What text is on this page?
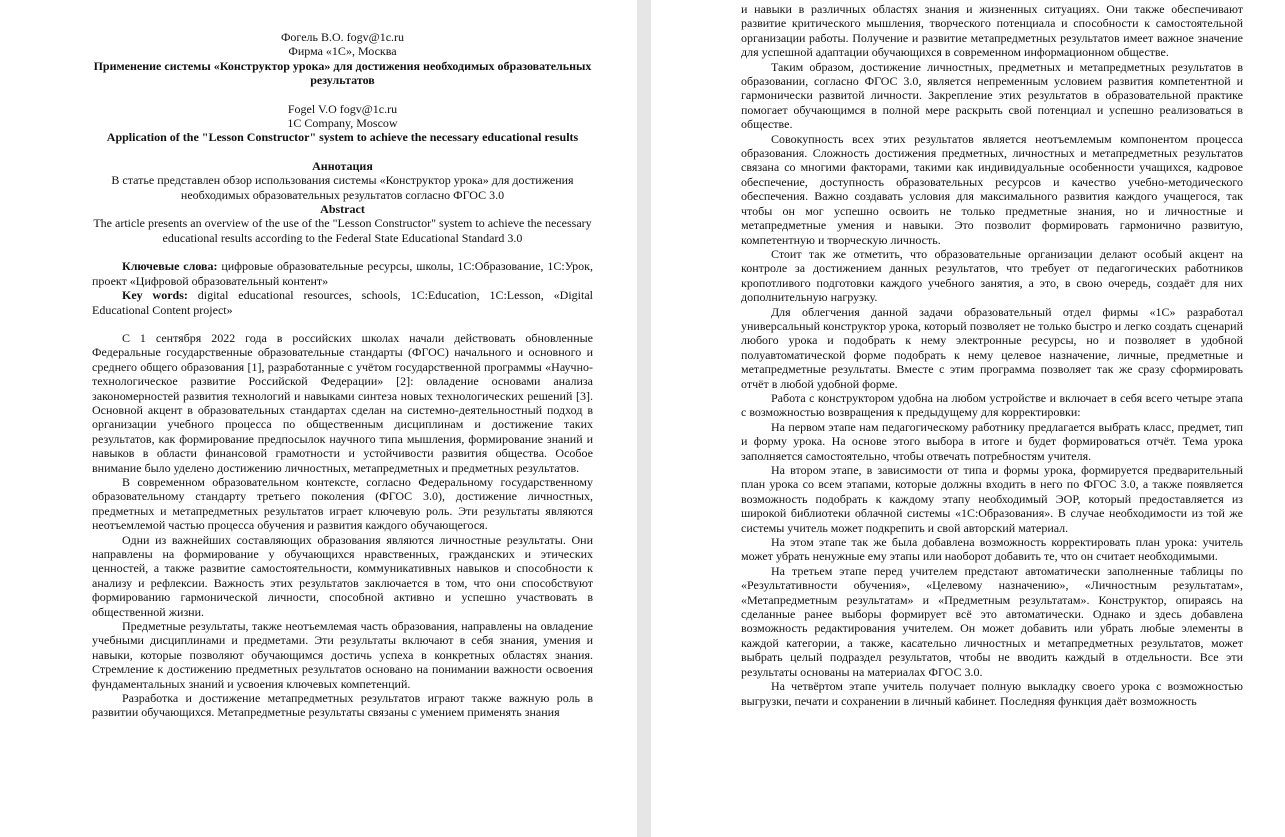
Фогель В.О. fogv@1c.ru
Фирма «1С», Москва
Применение системы «Конструктор урока» для достижения необходимых образовательных результатов
Fogel V.O fogv@1c.ru
1С Company, Moscow
Application of the "Lesson Constructor" system to achieve the necessary educational results
Аннотация
В статье представлен обзор использования системы «Конструктор урока» для достижения необходимых образовательных результатов согласно ФГОС 3.0
Abstract
The article presents an overview of the use of the "Lesson Constructor" system to achieve the necessary educational results according to the Federal State Educational Standard 3.0

Ключевые слова: цифровые образовательные ресурсы, школы, 1С:Образование, 1С:Урок, проект «Цифровой образовательный контент»

Key words: digital educational resources, schools, 1С:Education, 1С:Lesson, «Digital Educational Content project»

С 1 сентября 2022 года в российских школах начали действовать обновленные Федеральные государственные образовательные стандарты (ФГОС) начального и основного и среднего общего образования [1], разработанные с учётом государственной программы «Научно-технологическое развитие Российской Федерации» [2]: овладение основами анализа закономерностей развития технологий и навыками синтеза новых технологических решений [3]. Основной акцент в образовательных стандартах сделан на системно-деятельностный подход в организации учебного процесса по общественным дисциплинам и достижение таких результатов, как формирование предпосылок научного типа мышления, формирование знаний и навыков в области финансовой грамотности и устойчивости развития общества. Особое внимание было уделено достижению личностных, метапредметных и предметных результатов.

В современном образовательном контексте, согласно Федеральному государственному образовательному стандарту третьего поколения (ФГОС 3.0), достижение личностных, предметных и метапредметных результатов играет ключевую роль. Эти результаты являются неотъемлемой частью процесса обучения и развития каждого обучающегося.

Одни из важнейших составляющих образования являются личностные результаты. Они направлены на формирование у обучающихся нравственных, гражданских и этических ценностей, а также развитие самостоятельности, коммуникативных навыков и способности к анализу и рефлексии. Важность этих результатов заключается в том, что они способствуют формированию гармонической личности, способной активно и успешно участвовать в общественной жизни.

Предметные результаты, также неотъемлемая часть образования, направлены на овладение учебными дисциплинами и предметами. Эти результаты включают в себя знания, умения и навыки, которые позволяют обучающимся достичь успеха в конкретных областях знания. Стремление к достижению предметных результатов основано на понимании важности освоения фундаментальных знаний и усвоения ключевых компетенций.

Разработка и достижение метапредметных результатов играют также важную роль в развитии обучающихся. Метапредметные результаты связаны с умением применять знания

и навыки в различных областях знания и жизненных ситуациях. Они также обеспечивают развитие критического мышления, творческого потенциала и способности к самостоятельной организации работы. Получение и развитие метапредметных результатов имеет важное значение для успешной адаптации обучающихся в современном информационном обществе.

Таким образом, достижение личностных, предметных и метапредметных результатов в образовании, согласно ФГОС 3.0, является непременным условием развития компетентной и гармонически развитой личности. Закрепление этих результатов в образовательной практике помогает обучающимся в полной мере раскрыть свой потенциал и успешно реализоваться в обществе.

Совокупность всех этих результатов является неотъемлемым компонентом процесса образования. Сложность достижения предметных, личностных и метапредметных результатов связана со многими факторами, такими как индивидуальные особенности учащихся, кадровое обеспечение, доступность образовательных ресурсов и качество учебно-методического обеспечения. Важно создавать условия для максимального развития каждого учащегося, так чтобы он мог успешно освоить не только предметные знания, но и личностные и метапредметные умения и навыки. Это позволит формировать гармонично развитую, компетентную и творческую личность.

Стоит так же отметить, что образовательные организации делают особый акцент на контроле за достижением данных результатов, что требует от педагогических работников кропотливого подготовки каждого учебного занятия, а это, в свою очередь, создаёт для них дополнительную нагрузку.

Для облегчения данной задачи образовательный отдел фирмы «1С» разработал универсальный конструктор урока, который позволяет не только быстро и легко создать сценарий любого урока и подобрать к нему электронные ресурсы, но и позволяет в удобной полуавтоматической форме подобрать к нему целевое назначение, личные, предметные и метапредметные результаты. Вместе с этим программа позволяет так же сразу сформировать отчёт в любой удобной форме.

Работа с конструктором удобна на любом устройстве и включает в себя всего четыре этапа с возможностью возвращения к предыдущему для корректировки:

На первом этапе нам педагогическому работнику предлагается выбрать класс, предмет, тип и форму урока. На основе этого выбора в итоге и будет формироваться отчёт. Тема урока заполняется самостоятельно, чтобы отвечать потребностям учителя.

На втором этапе, в зависимости от типа и формы урока, формируется предварительный план урока со всем этапами, которые должны входить в него по ФГОС 3.0, а также появляется возможность подобрать к каждому этапу необходимый ЭОР, который предоставляется из широкой библиотеки облачной системы «1С:Образования». В случае необходимости из той же системы учитель может подкрепить и свой авторский материал.

На этом этапе так же была добавлена возможность корректировать план урока: учитель может убрать ненужные ему этапы или наоборот добавить те, что он считает необходимыми.

На третьем этапе перед учителем предстают автоматически заполненные таблицы по «Результативности обучения», «Целевому назначению», «Личностным результатам», «Метапредметным результатам» и «Предметным результатам». Конструктор, опираясь на сделанные ранее выборы формирует всё это автоматически. Однако и здесь добавлена возможность редактирования учителем. Он может добавить или убрать любые элементы в каждой категории, а также, касательно личностных и метапредметных результатов, может выбрать целый подраздел результатов, чтобы не вводить каждый в отдельности. Все эти результаты основаны на материалах ФГОС 3.0.

На четвёртом этапе учитель получает полную выкладку своего урока с возможностью выгрузки, печати и сохранении в личный кабинет. Последняя функция даёт возможность
